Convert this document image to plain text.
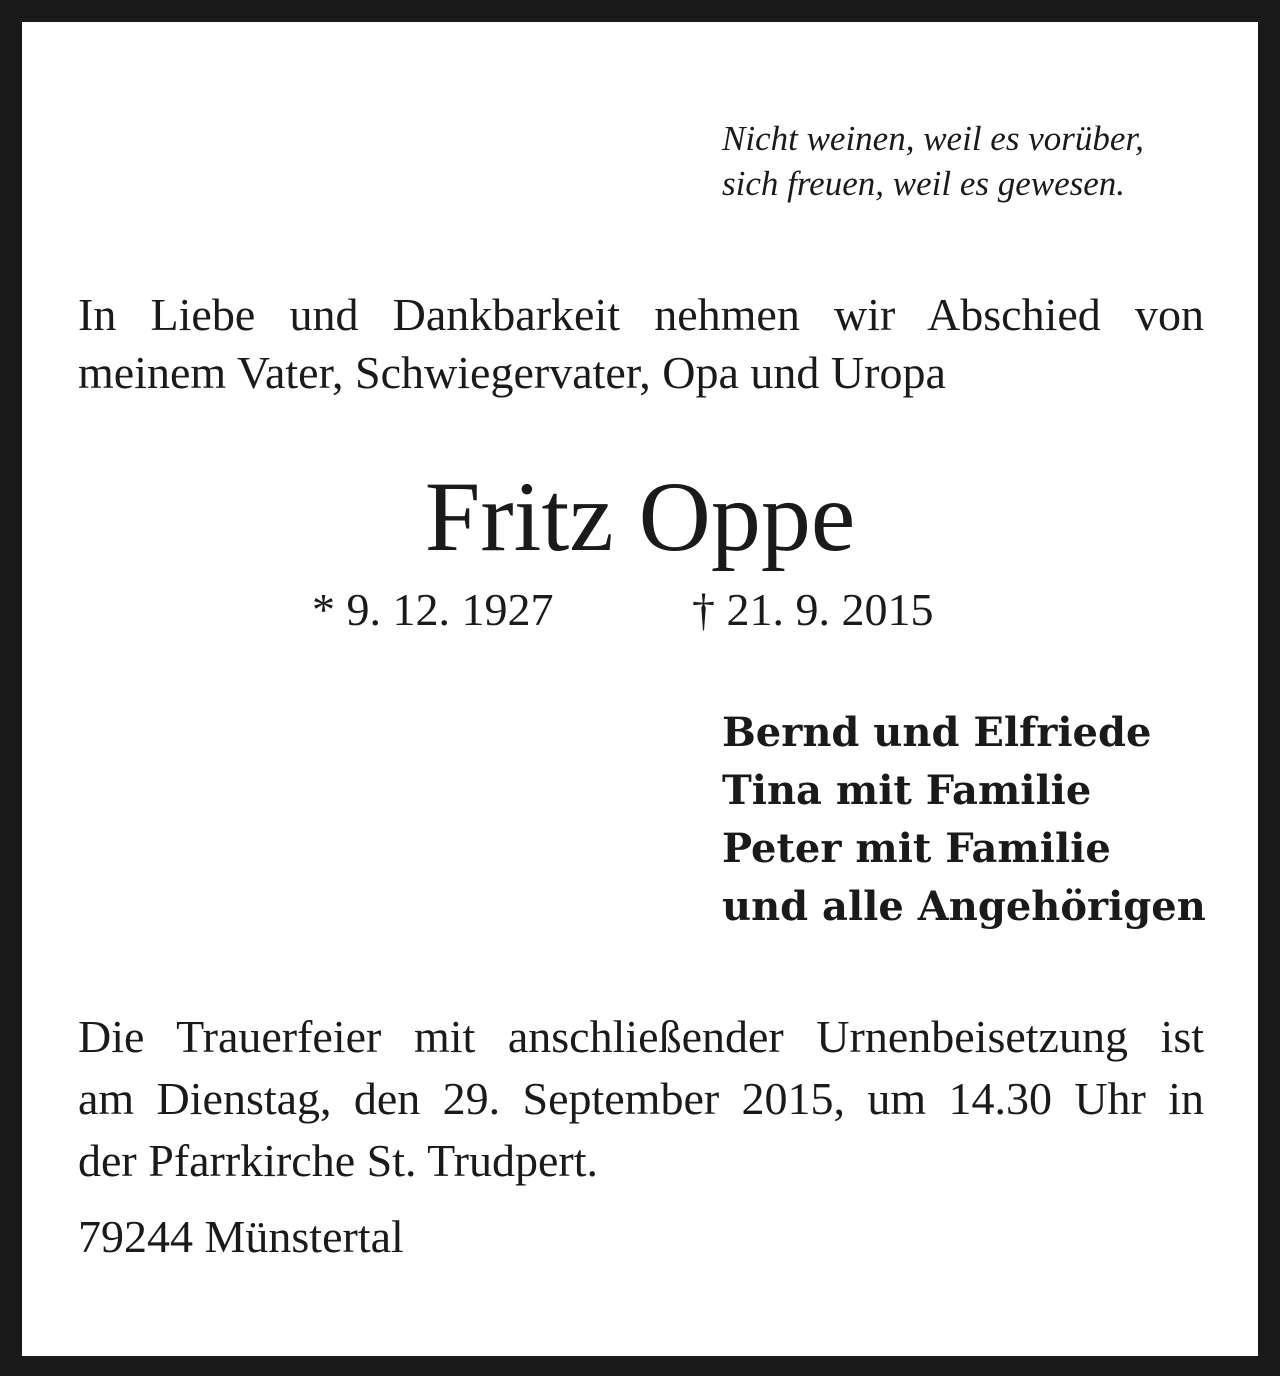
Nicht weinen, weil es vorüber,
sich freuen, weil es gewesen.
In Liebe und Dankbarkeit nehmen wir Abschied von
meinem Vater, Schwiegervater, Opa und Uropa
Fritz Oppe
* 9. 12. 1927	† 21. 9. 2015
Bernd und Elfriede
Tina mit Familie
Peter mit Familie
und alle Angehörigen
Die Trauerfeier mit anschließender Urnenbeisetzung ist
am Dienstag, den 29. September 2015, um 14.30 Uhr in
der Pfarrkirche St. Trudpert.
79244 Münstertal
